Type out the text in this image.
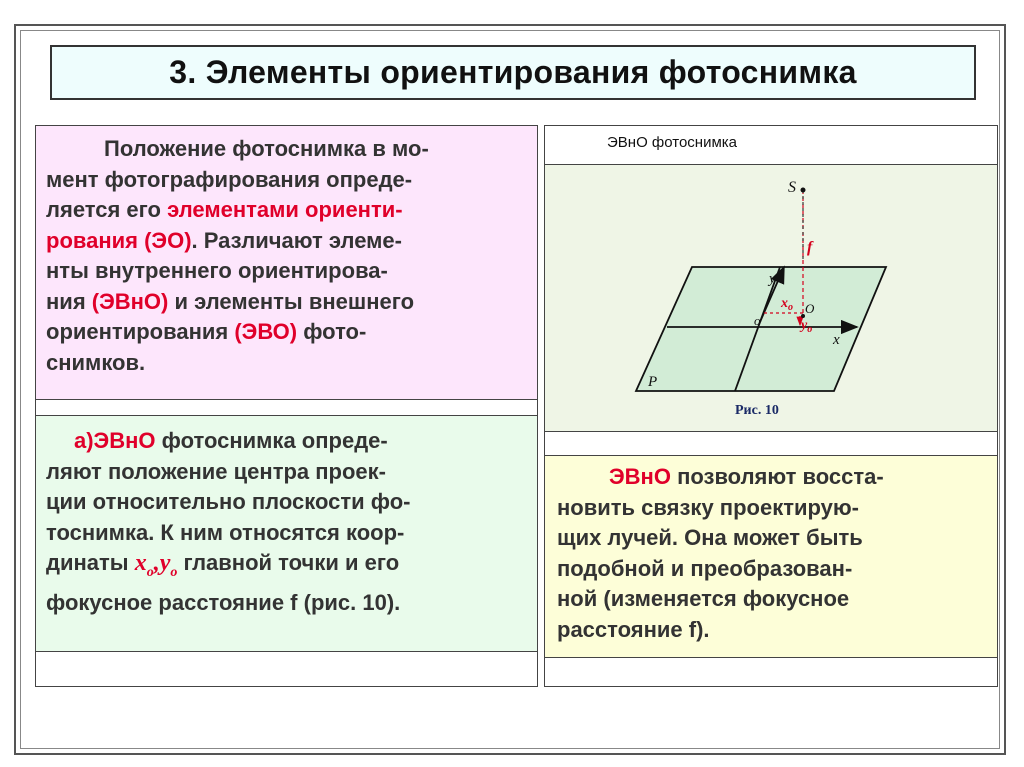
3. Элементы ориентирования фотоснимка

Положение фотоснимка в мо-

мент фотографирования опреде-

ляется его элементами ориенти-

рования (ЭО). Различают элеме-

нты внутреннего ориентирова-

ния (ЭВнО) и элементы внешнего

ориентирования (ЭВО) фото-

снимков.

а)ЭВнО фотоснимка опреде-

ляют положение центра проек-

ции относительно плоскости фо-

тоснимка. К ним относятся коор-

динаты $x_o,y_o$ главной точки и его

фокусное расстояние f (рис. 10).

ЭВнО фотоснимка
S
f
y
$x_o$ O
o	$y_o$
x
P
Рис. 10

ЭВнО позволяют восста-

новить связку проектирую-

щих лучей. Она может быть

подобной и преобразован-

ной (изменяется фокусное

расстояние f).
